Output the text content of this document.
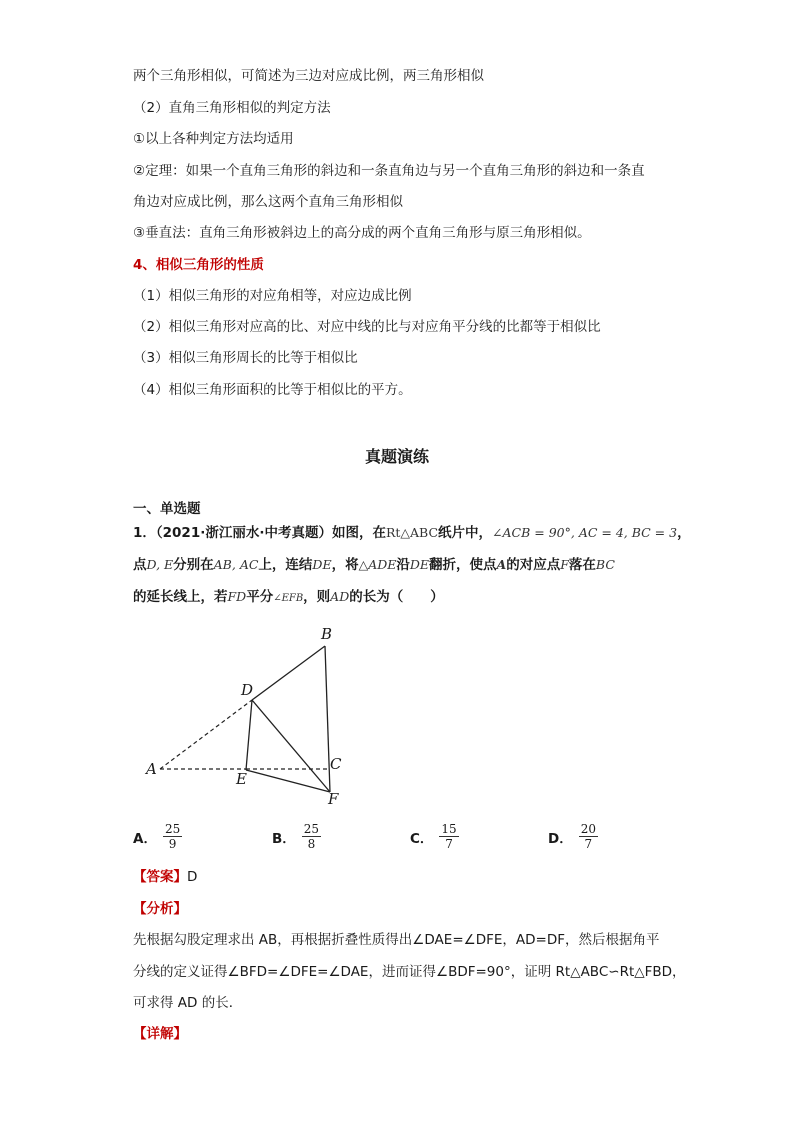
两个三角形相似，可简述为三边对应成比例，两三角形相似
（2）直角三角形相似的判定方法
①以上各种判定方法均适用
②定理：如果一个直角三角形的斜边和一条直角边与另一个直角三角形的斜边和一条直
角边对应成比例，那么这两个直角三角形相似
③垂直法：直角三角形被斜边上的高分成的两个直角三角形与原三角形相似。
4、相似三角形的性质
（1）相似三角形的对应角相等，对应边成比例
（2）相似三角形对应高的比、对应中线的比与对应角平分线的比都等于相似比
（3）相似三角形周长的比等于相似比
（4）相似三角形面积的比等于相似比的平方。
真题演练
一、单选题
1．（2021·浙江丽水·中考真题）如图，在Rt△ABC纸片中，∠ACB = 90°, AC = 4, BC = 3，
点D, E分别在AB, AC上，连结DE，将△ADE沿DE翻折，使点A的对应点F落在BC
的延长线上，若FD平分∠EFB，则AD的长为（　　）
A
B
C
D
E
F
A． $\frac{25}{9}$	B． $\frac{25}{8}$	C． $\frac{15}{7}$	D． $\frac{20}{7}$
【答案】D
【分析】
先根据勾股定理求出 AB，再根据折叠性质得出∠DAE=∠DFE，AD=DF，然后根据角平
分线的定义证得∠BFD=∠DFE=∠DAE，进而证得∠BDF=90°，证明 Rt△ABC∽Rt△FBD，
可求得 AD 的长．
【详解】
